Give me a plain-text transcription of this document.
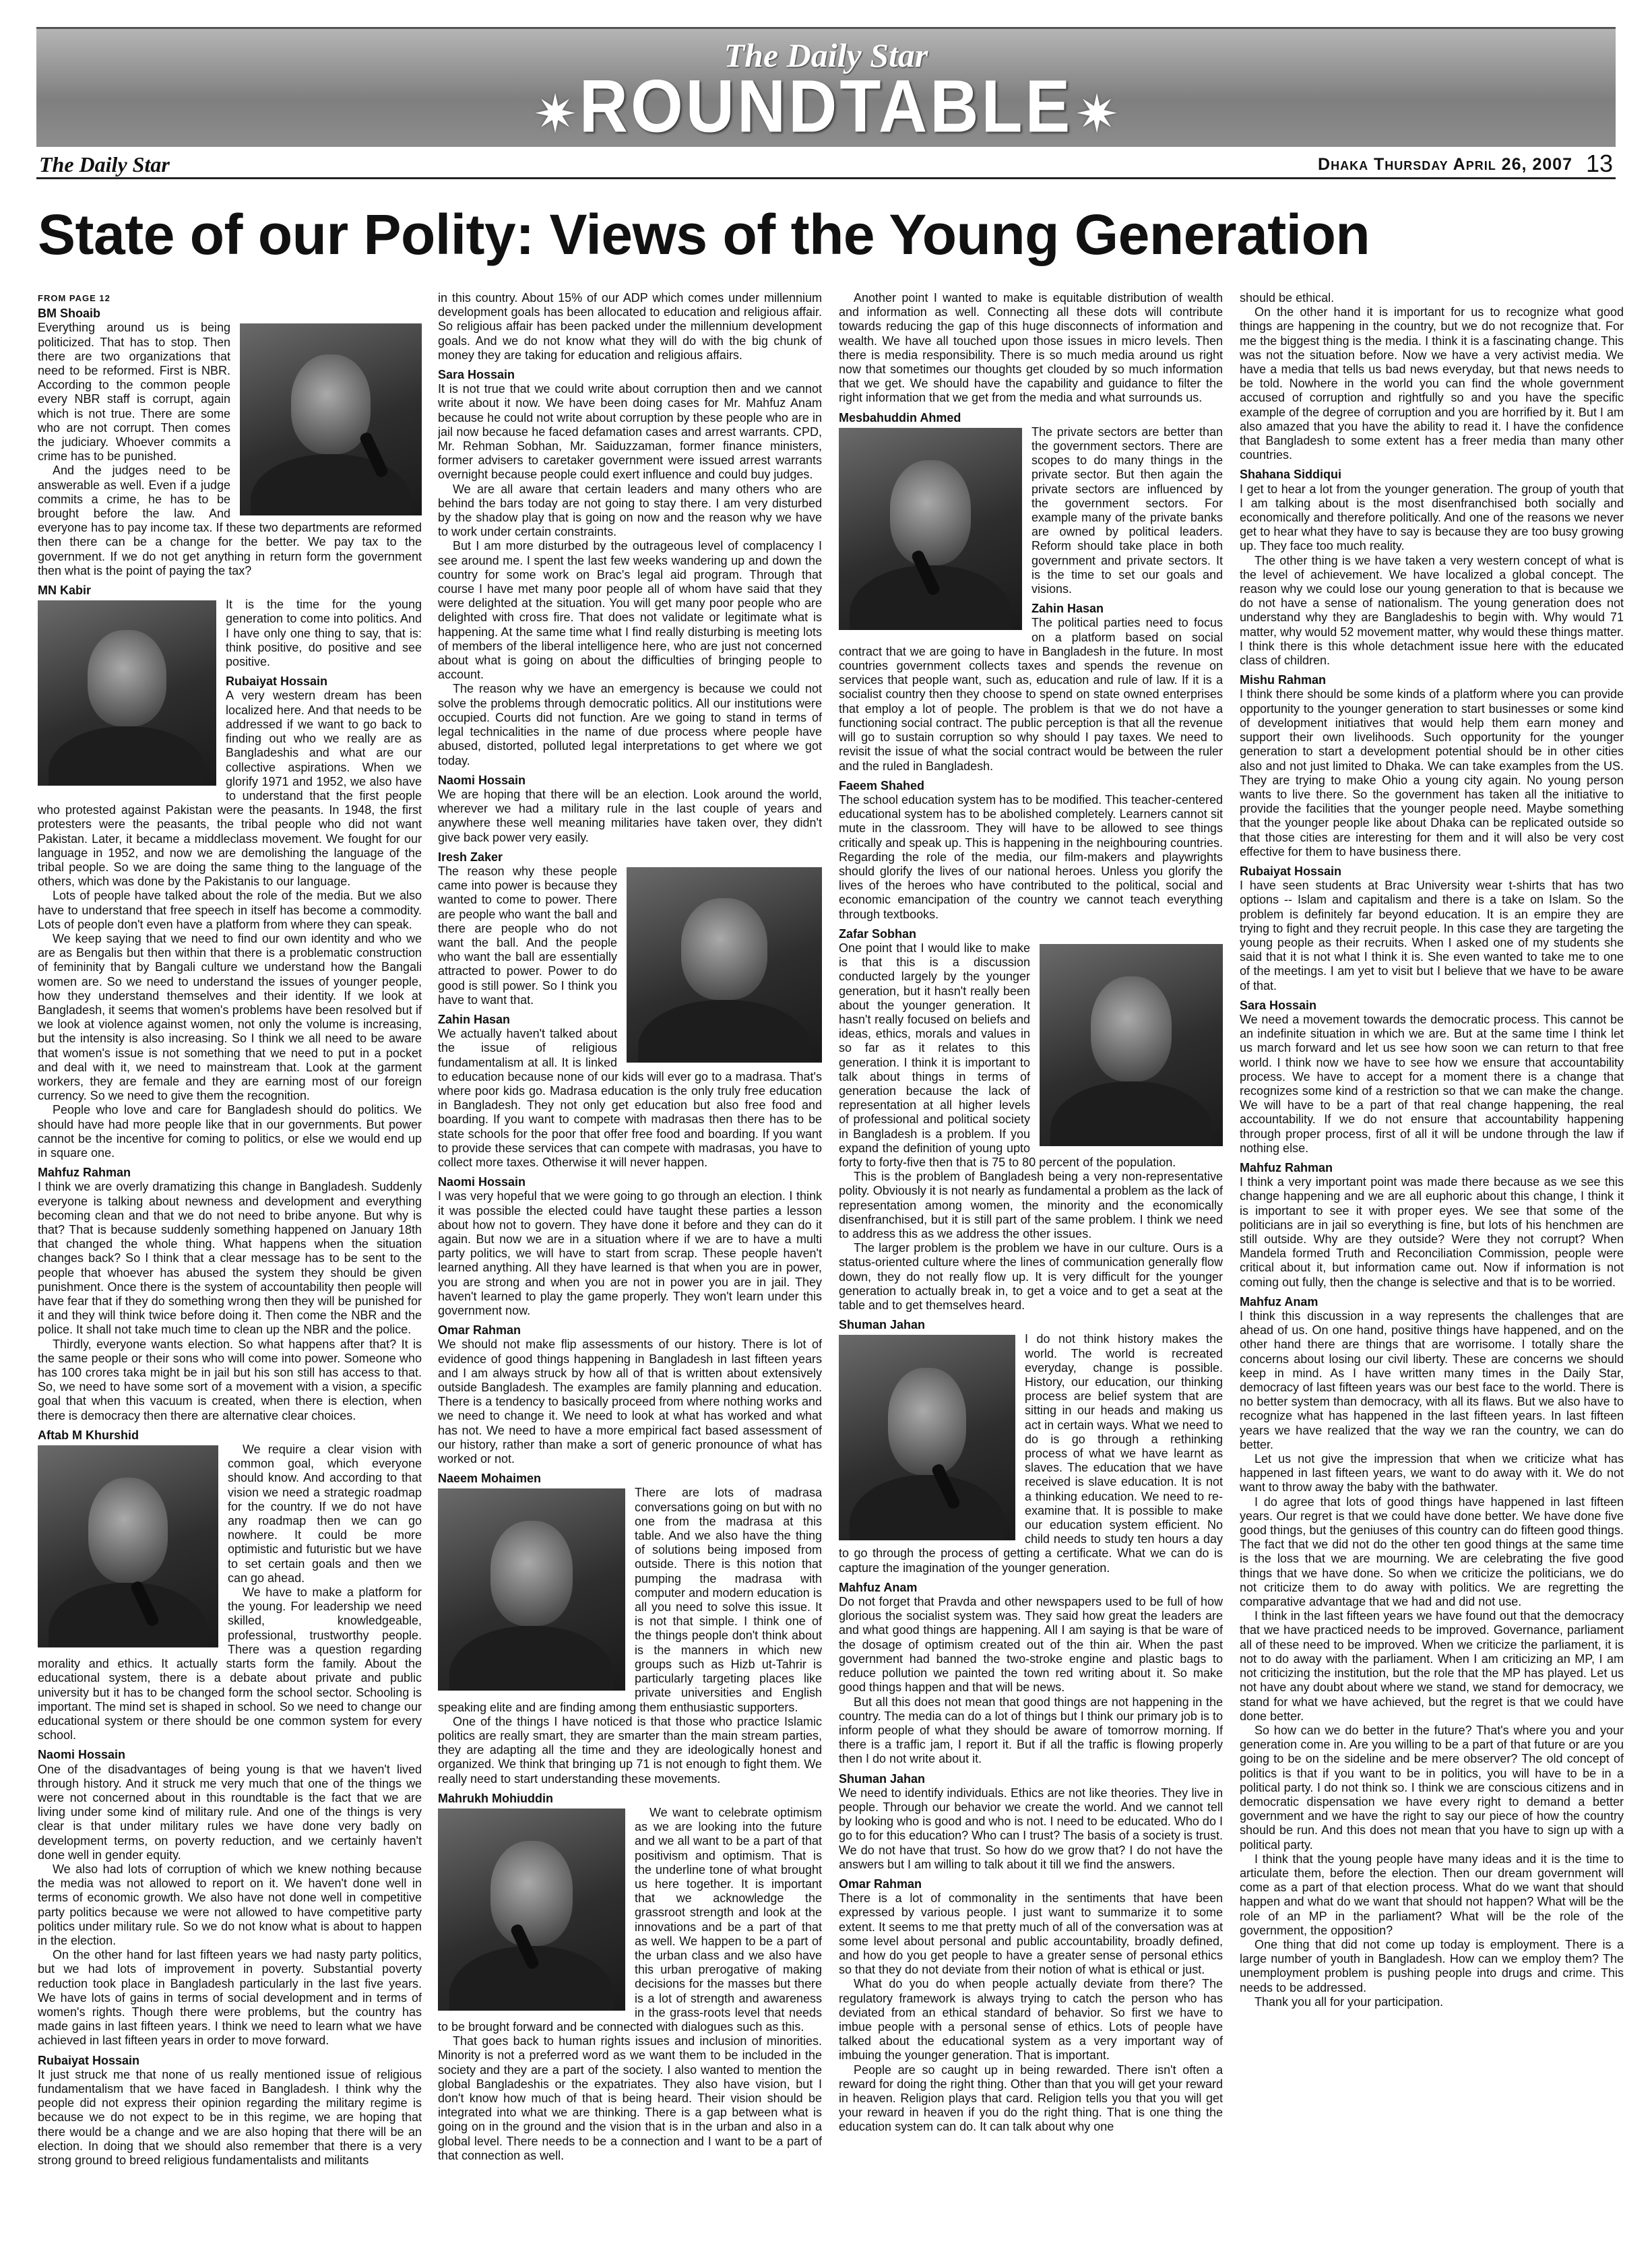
The Daily Star
✷ ROUNDTABLE ✷
The Daily Star	Dhaka Thursday April 26, 2007 13
State of our Polity: Views of the Young Generation
FROM PAGE 12
BM Shoaib

Everything around us is being politicized. That has to stop. Then there are two organizations that need to be reformed. First is NBR. According to the common people every NBR staff is corrupt, again which is not true. There are some who are not corrupt. Then comes the judiciary. Whoever commits a crime has to be punished.

And the judges need to be answerable as well. Even if a judge commits a crime, he has to be brought before the law. And everyone has to pay income tax. If these two departments are reformed then there can be a change for the better. We pay tax to the government. If we do not get anything in return form the government then what is the point of paying the tax?

MN Kabir

It is the time for the young generation to come into politics. And I have only one thing to say, that is: think positive, do positive and see positive.

Rubaiyat Hossain

A very western dream has been localized here. And that needs to be addressed if we want to go back to finding out who we really are as Bangladeshis and what are our collective aspirations. When we glorify 1971 and 1952, we also have to understand that the first people who protested against Pakistan were the peasants. In 1948, the first protesters were the peasants, the tribal people who did not want Pakistan. Later, it became a middleclass movement. We fought for our language in 1952, and now we are demolishing the language of the tribal people. So we are doing the same thing to the language of the others, which was done by the Pakistanis to our language.

Lots of people have talked about the role of the media. But we also have to understand that free speech in itself has become a commodity. Lots of people don't even have a platform from where they can speak.

We keep saying that we need to find our own identity and who we are as Bengalis but then within that there is a problematic construction of femininity that by Bangali culture we understand how the Bangali women are. So we need to understand the issues of younger people, how they understand themselves and their identity. If we look at Bangladesh, it seems that women's problems have been resolved but if we look at violence against women, not only the volume is increasing, but the intensity is also increasing. So I think we all need to be aware that women's issue is not something that we need to put in a pocket and deal with it, we need to mainstream that. Look at the garment workers, they are female and they are earning most of our foreign currency. So we need to give them the recognition.

People who love and care for Bangladesh should do politics. We should have had more people like that in our governments. But power cannot be the incentive for coming to politics, or else we would end up in square one.

Mahfuz Rahman

I think we are overly dramatizing this change in Bangladesh. Suddenly everyone is talking about newness and development and everything becoming clean and that we do not need to bribe anyone. But why is that? That is because suddenly something happened on January 18th that changed the whole thing. What happens when the situation changes back? So I think that a clear message has to be sent to the people that whoever has abused the system they should be given punishment. Once there is the system of accountability then people will have fear that if they do something wrong then they will be punished for it and they will think twice before doing it. Then come the NBR and the police. It shall not take much time to clean up the NBR and the police.

Thirdly, everyone wants election. So what happens after that? It is the same people or their sons who will come into power. Someone who has 100 crores taka might be in jail but his son still has access to that. So, we need to have some sort of a movement with a vision, a specific goal that when this vacuum is created, when there is election, when there is democracy then there are alternative clear choices.

Aftab M Khurshid

We require a clear vision with common goal, which everyone should know. And according to that vision we need a strategic roadmap for the country. If we do not have any roadmap then we can go nowhere. It could be more optimistic and futuristic but we have to set certain goals and then we can go ahead.

We have to make a platform for the young. For leadership we need skilled, knowledgeable, professional, trustworthy people. There was a question regarding morality and ethics. It actually starts form the family. About the educational system, there is a debate about private and public university but it has to be changed form the school sector. Schooling is important. The mind set is shaped in school. So we need to change our educational system or there should be one common system for every school.

Naomi Hossain

One of the disadvantages of being young is that we haven't lived through history. And it struck me very much that one of the things we were not concerned about in this roundtable is the fact that we are living under some kind of military rule. And one of the things is very clear is that under military rules we have done very badly on development terms, on poverty reduction, and we certainly haven't done well in gender equity.

We also had lots of corruption of which we knew nothing because the media was not allowed to report on it. We haven't done well in terms of economic growth. We also have not done well in competitive party politics because we were not allowed to have competitive party politics under military rule. So we do not know what is about to happen in the election.

On the other hand for last fifteen years we had nasty party politics, but we had lots of improvement in poverty. Substantial poverty reduction took place in Bangladesh particularly in the last five years. We have lots of gains in terms of social development and in terms of women's rights. Though there were problems, but the country has made gains in last fifteen years. I think we need to learn what we have achieved in last fifteen years in order to move forward.

Rubaiyat Hossain

It just struck me that none of us really mentioned issue of religious fundamentalism that we have faced in Bangladesh. I think why the people did not express their opinion regarding the military regime is because we do not expect to be in this regime, we are hoping that there would be a change and we are also hoping that there will be an election. In doing that we should also remember that there is a very strong ground to breed religious fundamentalists and militants

in this country. About 15% of our ADP which comes under millennium development goals has been allocated to education and religious affair. So religious affair has been packed under the millennium development goals. And we do not know what they will do with the big chunk of money they are taking for education and religious affairs.

Sara Hossain

It is not true that we could write about corruption then and we cannot write about it now. We have been doing cases for Mr. Mahfuz Anam because he could not write about corruption by these people who are in jail now because he faced defamation cases and arrest warrants. CPD, Mr. Rehman Sobhan, Mr. Saiduzzaman, former finance ministers, former advisers to caretaker government were issued arrest warrants overnight because people could exert influence and could buy judges.

We are all aware that certain leaders and many others who are behind the bars today are not going to stay there. I am very disturbed by the shadow play that is going on now and the reason why we have to work under certain constraints.

But I am more disturbed by the outrageous level of complacency I see around me. I spent the last few weeks wandering up and down the country for some work on Brac's legal aid program. Through that course I have met many poor people all of whom have said that they were delighted at the situation. You will get many poor people who are delighted with cross fire. That does not validate or legitimate what is happening. At the same time what I find really disturbing is meeting lots of members of the liberal intelligence here, who are just not concerned about what is going on about the difficulties of bringing people to account.

The reason why we have an emergency is because we could not solve the problems through democratic politics. All our institutions were occupied. Courts did not function. Are we going to stand in terms of legal technicalities in the name of due process where people have abused, distorted, polluted legal interpretations to get where we got today.

Naomi Hossain

We are hoping that there will be an election. Look around the world, wherever we had a military rule in the last couple of years and anywhere these well meaning militaries have taken over, they didn't give back power very easily.

Iresh Zaker

The reason why these people came into power is because they wanted to come to power. There are people who want the ball and there are people who do not want the ball. And the people who want the ball are essentially attracted to power. Power to do good is still power. So I think you have to want that.

Zahin Hasan

We actually haven't talked about the issue of religious fundamentalism at all. It is linked to education because none of our kids will ever go to a madrasa. That's where poor kids go. Madrasa education is the only truly free education in Bangladesh. They not only get education but also free food and boarding. If you want to compete with madrasas then there has to be state schools for the poor that offer free food and boarding. If you want to provide these services that can compete with madrasas, you have to collect more taxes. Otherwise it will never happen.

Naomi Hossain

I was very hopeful that we were going to go through an election. I think it was possible the elected could have taught these parties a lesson about how not to govern. They have done it before and they can do it again. But now we are in a situation where if we are to have a multi party politics, we will have to start from scrap. These people haven't learned anything. All they have learned is that when you are in power, you are strong and when you are not in power you are in jail. They haven't learned to play the game properly. They won't learn under this government now.

Omar Rahman

We should not make flip assessments of our history. There is lot of evidence of good things happening in Bangladesh in last fifteen years and I am always struck by how all of that is written about extensively outside Bangladesh. The examples are family planning and education. There is a tendency to basically proceed from where nothing works and we need to change it. We need to look at what has worked and what has not. We need to have a more empirical fact based assessment of our history, rather than make a sort of generic pronounce of what has worked or not.

Naeem Mohaimen

There are lots of madrasa conversations going on but with no one from the madrasa at this table. And we also have the thing of solutions being imposed from outside. There is this notion that pumping the madrasa with computer and modern education is all you need to solve this issue. It is not that simple. I think one of the things people don't think about is the manners in which new groups such as Hizb ut-Tahrir is particularly targeting places like private universities and English speaking elite and are finding among them enthusiastic supporters.

One of the things I have noticed is that those who practice Islamic politics are really smart, they are smarter than the main stream parties, they are adapting all the time and they are ideologically honest and organized. We think that bringing up 71 is not enough to fight them. We really need to start understanding these movements.

Mahrukh Mohiuddin

We want to celebrate optimism as we are looking into the future and we all want to be a part of that positivism and optimism. That is the underline tone of what brought us here together. It is important that we acknowledge the grassroot strength and look at the innovations and be a part of that as well. We happen to be a part of the urban class and we also have this urban prerogative of making decisions for the masses but there is a lot of strength and awareness in the grass-roots level that needs to be brought forward and be connected with dialogues such as this.

That goes back to human rights issues and inclusion of minorities. Minority is not a preferred word as we want them to be included in the society and they are a part of the society. I also wanted to mention the global Bangladeshis or the expatriates. They also have vision, but I don't know how much of that is being heard. Their vision should be integrated into what we are thinking. There is a gap between what is going on in the ground and the vision that is in the urban and also in a global level. There needs to be a connection and I want to be a part of that connection as well.

Another point I wanted to make is equitable distribution of wealth and information as well. Connecting all these dots will contribute towards reducing the gap of this huge disconnects of information and wealth. We have all touched upon those issues in micro levels. Then there is media responsibility. There is so much media around us right now that sometimes our thoughts get clouded by so much information that we get. We should have the capability and guidance to filter the right information that we get from the media and what surrounds us.

Mesbahuddin Ahmed

The private sectors are better than the government sectors. There are scopes to do many things in the private sector. But then again the private sectors are influenced by the government sectors. For example many of the private banks are owned by political leaders. Reform should take place in both government and private sectors. It is the time to set our goals and visions.

Zahin Hasan

The political parties need to focus on a platform based on social contract that we are going to have in Bangladesh in the future. In most countries government collects taxes and spends the revenue on services that people want, such as, education and rule of law. If it is a socialist country then they choose to spend on state owned enterprises that employ a lot of people. The problem is that we do not have a functioning social contract. The public perception is that all the revenue will go to sustain corruption so why should I pay taxes. We need to revisit the issue of what the social contract would be between the ruler and the ruled in Bangladesh.

Faeem Shahed

The school education system has to be modified. This teacher-centered educational system has to be abolished completely. Learners cannot sit mute in the classroom. They will have to be allowed to see things critically and speak up. This is happening in the neighbouring countries. Regarding the role of the media, our film-makers and playwrights should glorify the lives of our national heroes. Unless you glorify the lives of the heroes who have contributed to the political, social and economic emancipation of the country we cannot teach everything through textbooks.

Zafar Sobhan

One point that I would like to make is that this is a discussion conducted largely by the younger generation, but it hasn't really been about the younger generation. It hasn't really focused on beliefs and ideas, ethics, morals and values in so far as it relates to this generation. I think it is important to talk about things in terms of generation because the lack of representation at all higher levels of professional and political society in Bangladesh is a problem. If you expand the definition of young upto forty to forty-five then that is 75 to 80 percent of the population.

This is the problem of Bangladesh being a very non-representative polity. Obviously it is not nearly as fundamental a problem as the lack of representation among women, the minority and the economically disenfranchised, but it is still part of the same problem. I think we need to address this as we address the other issues.

The larger problem is the problem we have in our culture. Ours is a status-oriented culture where the lines of communication generally flow down, they do not really flow up. It is very difficult for the younger generation to actually break in, to get a voice and to get a seat at the table and to get themselves heard.

Shuman Jahan

I do not think history makes the world. The world is recreated everyday, change is possible. History, our education, our thinking process are belief system that are sitting in our heads and making us act in certain ways. What we need to do is go through a rethinking process of what we have learnt as slaves. The education that we have received is slave education. It is not a thinking education. We need to re-examine that. It is possible to make our education system efficient. No child needs to study ten hours a day to go through the process of getting a certificate. What we can do is capture the imagination of the younger generation.

Mahfuz Anam

Do not forget that Pravda and other newspapers used to be full of how glorious the socialist system was. They said how great the leaders are and what good things are happening. All I am saying is that be ware of the dosage of optimism created out of the thin air. When the past government had banned the two-stroke engine and plastic bags to reduce pollution we painted the town red writing about it. So make good things happen and that will be news.

But all this does not mean that good things are not happening in the country. The media can do a lot of things but I think our primary job is to inform people of what they should be aware of tomorrow morning. If there is a traffic jam, I report it. But if all the traffic is flowing properly then I do not write about it.

Shuman Jahan

We need to identify individuals. Ethics are not like theories. They live in people. Through our behavior we create the world. And we cannot tell by looking who is good and who is not. I need to be educated. Who do I go to for this education? Who can I trust? The basis of a society is trust. We do not have that trust. So how do we grow that? I do not have the answers but I am willing to talk about it till we find the answers.

Omar Rahman

There is a lot of commonality in the sentiments that have been expressed by various people. I just want to summarize it to some extent. It seems to me that pretty much of all of the conversation was at some level about personal and public accountability, broadly defined, and how do you get people to have a greater sense of personal ethics so that they do not deviate from their notion of what is ethical or just.

What do you do when people actually deviate from there? The regulatory framework is always trying to catch the person who has deviated from an ethical standard of behavior. So first we have to imbue people with a personal sense of ethics. Lots of people have talked about the educational system as a very important way of imbuing the younger generation. That is important.

People are so caught up in being rewarded. There isn't often a reward for doing the right thing. Other than that you will get your reward in heaven. Religion plays that card. Religion tells you that you will get your reward in heaven if you do the right thing. That is one thing the education system can do. It can talk about why one

should be ethical.

On the other hand it is important for us to recognize what good things are happening in the country, but we do not recognize that. For me the biggest thing is the media. I think it is a fascinating change. This was not the situation before. Now we have a very activist media. We have a media that tells us bad news everyday, but that news needs to be told. Nowhere in the world you can find the whole government accused of corruption and rightfully so and you have the specific example of the degree of corruption and you are horrified by it. But I am also amazed that you have the ability to read it. I have the confidence that Bangladesh to some extent has a freer media than many other countries.

Shahana Siddiqui

I get to hear a lot from the younger generation. The group of youth that I am talking about is the most disenfranchised both socially and economically and therefore politically. And one of the reasons we never get to hear what they have to say is because they are too busy growing up. They face too much reality.

The other thing is we have taken a very western concept of what is the level of achievement. We have localized a global concept. The reason why we could lose our young generation to that is because we do not have a sense of nationalism. The young generation does not understand why they are Bangladeshis to begin with. Why would 71 matter, why would 52 movement matter, why would these things matter. I think there is this whole detachment issue here with the educated class of children.

Mishu Rahman

I think there should be some kinds of a platform where you can provide opportunity to the younger generation to start businesses or some kind of development initiatives that would help them earn money and support their own livelihoods. Such opportunity for the younger generation to start a development potential should be in other cities also and not just limited to Dhaka. We can take examples from the US. They are trying to make Ohio a young city again. No young person wants to live there. So the government has taken all the initiative to provide the facilities that the younger people need. Maybe something that the younger people like about Dhaka can be replicated outside so that those cities are interesting for them and it will also be very cost effective for them to have business there.

Rubaiyat Hossain

I have seen students at Brac University wear t-shirts that has two options -- Islam and capitalism and there is a take on Islam. So the problem is definitely far beyond education. It is an empire they are trying to fight and they recruit people. In this case they are targeting the young people as their recruits. When I asked one of my students she said that it is not what I think it is. She even wanted to take me to one of the meetings. I am yet to visit but I believe that we have to be aware of that.

Sara Hossain

We need a movement towards the democratic process. This cannot be an indefinite situation in which we are. But at the same time I think let us march forward and let us see how soon we can return to that free world. I think now we have to see how we ensure that accountability process. We have to accept for a moment there is a change that recognizes some kind of a restriction so that we can make the change. We will have to be a part of that real change happening, the real accountability. If we do not ensure that accountability happening through proper process, first of all it will be undone through the law if nothing else.

Mahfuz Rahman

I think a very important point was made there because as we see this change happening and we are all euphoric about this change, I think it is important to see it with proper eyes. We see that some of the politicians are in jail so everything is fine, but lots of his henchmen are still outside. Why are they outside? Were they not corrupt? When Mandela formed Truth and Reconciliation Commission, people were critical about it, but information came out. Now if information is not coming out fully, then the change is selective and that is to be worried.

Mahfuz Anam

I think this discussion in a way represents the challenges that are ahead of us. On one hand, positive things have happened, and on the other hand there are things that are worrisome. I totally share the concerns about losing our civil liberty. These are concerns we should keep in mind. As I have written many times in the Daily Star, democracy of last fifteen years was our best face to the world. There is no better system than democracy, with all its flaws. But we also have to recognize what has happened in the last fifteen years. In last fifteen years we have realized that the way we ran the country, we can do better.

Let us not give the impression that when we criticize what has happened in last fifteen years, we want to do away with it. We do not want to throw away the baby with the bathwater.

I do agree that lots of good things have happened in last fifteen years. Our regret is that we could have done better. We have done five good things, but the geniuses of this country can do fifteen good things. The fact that we did not do the other ten good things at the same time is the loss that we are mourning. We are celebrating the five good things that we have done. So when we criticize the politicians, we do not criticize them to do away with politics. We are regretting the comparative advantage that we had and did not use.

I think in the last fifteen years we have found out that the democracy that we have practiced needs to be improved. Governance, parliament all of these need to be improved. When we criticize the parliament, it is not to do away with the parliament. When I am criticizing an MP, I am not criticizing the institution, but the role that the MP has played. Let us not have any doubt about where we stand, we stand for democracy, we stand for what we have achieved, but the regret is that we could have done better.

So how can we do better in the future? That's where you and your generation come in. Are you willing to be a part of that future or are you going to be on the sideline and be mere observer? The old concept of politics is that if you want to be in politics, you will have to be in a political party. I do not think so. I think we are conscious citizens and in democratic dispensation we have every right to demand a better government and we have the right to say our piece of how the country should be run. And this does not mean that you have to sign up with a political party.

I think that the young people have many ideas and it is the time to articulate them, before the election. Then our dream government will come as a part of that election process. What do we want that should happen and what do we want that should not happen? What will be the role of an MP in the parliament? What will be the role of the government, the opposition?

One thing that did not come up today is employment. There is a large number of youth in Bangladesh. How can we employ them? The unemployment problem is pushing people into drugs and crime. This needs to be addressed.

Thank you all for your participation.
